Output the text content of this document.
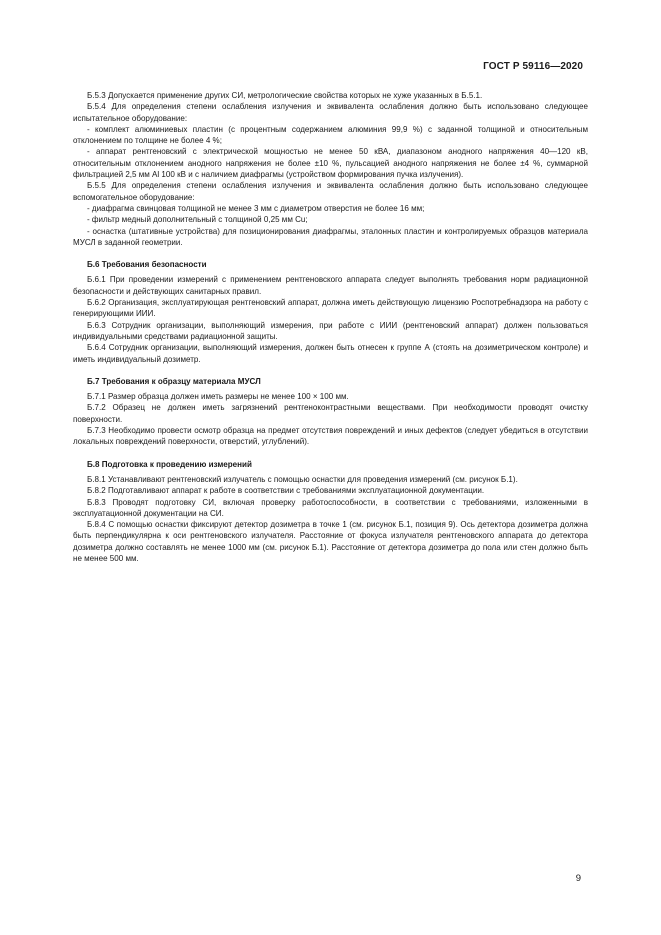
ГОСТ Р 59116—2020

Б.5.3 Допускается применение других СИ, метрологические свойства которых не хуже указанных в Б.5.1.

Б.5.4 Для определения степени ослабления излучения и эквивалента ослабления должно быть использовано следующее испытательное оборудование:

- комплект алюминиевых пластин (с процентным содержанием алюминия 99,9 %) с заданной толщиной и относительным отклонением по толщине не более 4 %;

- аппарат рентгеновский с электрической мощностью не менее 50 кВА, диапазоном анодного напряжения 40—120 кВ, относительным отклонением анодного напряжения не более ±10 %, пульсацией анодного напряжения не более ±4 %, суммарной фильтрацией 2,5 мм Al 100 кВ и с наличием диафрагмы (устройством формирования пучка излучения).

Б.5.5 Для определения степени ослабления излучения и эквивалента ослабления должно быть использовано следующее вспомогательное оборудование:

- диафрагма свинцовая толщиной не менее 3 мм с диаметром отверстия не более 16 мм;

- фильтр медный дополнительный с толщиной 0,25 мм Cu;

- оснастка (штативные устройства) для позиционирования диафрагмы, эталонных пластин и контролируемых образцов материала МУСЛ в заданной геометрии.

Б.6 Требования безопасности

Б.6.1 При проведении измерений с применением рентгеновского аппарата следует выполнять требования норм радиационной безопасности и действующих санитарных правил.

Б.6.2 Организация, эксплуатирующая рентгеновский аппарат, должна иметь действующую лицензию Роспотребнадзора на работу с генерирующими ИИИ.

Б.6.3 Сотрудник организации, выполняющий измерения, при работе с ИИИ (рентгеновский аппарат) должен пользоваться индивидуальными средствами радиационной защиты.

Б.6.4 Сотрудник организации, выполняющий измерения, должен быть отнесен к группе А (стоять на дозиметрическом контроле) и иметь индивидуальный дозиметр.

Б.7 Требования к образцу материала МУСЛ

Б.7.1 Размер образца должен иметь размеры не менее 100 × 100 мм.

Б.7.2 Образец не должен иметь загрязнений рентгеноконтрастными веществами. При необходимости проводят очистку поверхности.

Б.7.3 Необходимо провести осмотр образца на предмет отсутствия повреждений и иных дефектов (следует убедиться в отсутствии локальных повреждений поверхности, отверстий, углублений).

Б.8 Подготовка к проведению измерений

Б.8.1 Устанавливают рентгеновский излучатель с помощью оснастки для проведения измерений (см. рисунок Б.1).

Б.8.2 Подготавливают аппарат к работе в соответствии с требованиями эксплуатационной документации.

Б.8.3 Проводят подготовку СИ, включая проверку работоспособности, в соответствии с требованиями, изложенными в эксплуатационной документации на СИ.

Б.8.4 С помощью оснастки фиксируют детектор дозиметра в точке 1 (см. рисунок Б.1, позиция 9). Ось детектора дозиметра должна быть перпендикулярна к оси рентгеновского излучателя. Расстояние от фокуса излучателя рентгеновского аппарата до детектора дозиметра должно составлять не менее 1000 мм (см. рисунок Б.1). Расстояние от детектора дозиметра до пола или стен должно быть не менее 500 мм.

9
